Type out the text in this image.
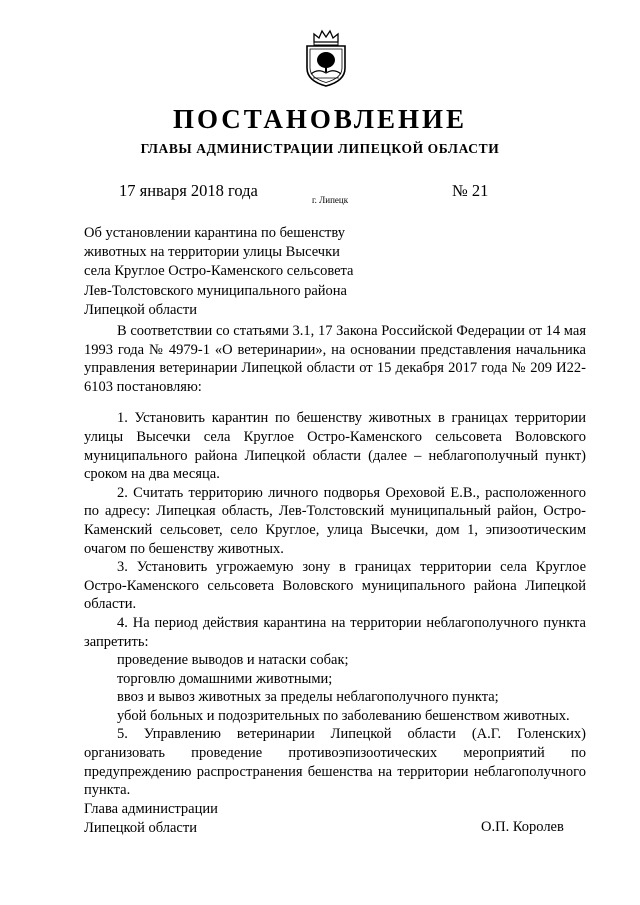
ПОСТАНОВЛЕНИЕ
ГЛАВЫ АДМИНИСТРАЦИИ ЛИПЕЦКОЙ ОБЛАСТИ
17 января 2018 года	г. Липецк	№ 21
Об установлении карантина по бешенству
животных на территории улицы Высечки
села Круглое Остро-Каменского сельсовета
Лев-Толстовского муниципального района
Липецкой области

В соответствии со статьями 3.1, 17 Закона Российской Федерации от 14 мая 1993 года № 4979-1 «О ветеринарии», на основании представления начальника управления ветеринарии Липецкой области от 15 декабря 2017 года № 209 И22-6103 постановляю:

1. Установить карантин по бешенству животных в границах территории улицы Высечки села Круглое Остро-Каменского сельсовета Воловского муниципального района Липецкой области (далее – неблагополучный пункт) сроком на два месяца.

2. Считать территорию личного подворья Ореховой Е.В., расположенного по адресу: Липецкая область, Лев-Толстовский муниципальный район, Остро-Каменский сельсовет, село Круглое, улица Высечки, дом 1, эпизоотическим очагом по бешенству животных.

3. Установить угрожаемую зону в границах территории села Круглое Остро-Каменского сельсовета Воловского муниципального района Липецкой области.

4. На период действия карантина на территории неблагополучного пункта запретить:

проведение выводов и натаски собак;

торговлю домашними животными;

ввоз и вывоз животных за пределы неблагополучного пункта;

убой больных и подозрительных по заболеванию бешенством животных.

5. Управлению ветеринарии Липецкой области (А.Г. Голенских) организовать проведение противоэпизоотических мероприятий по предупреждению распространения бешенства на территории неблагополучного пункта.

Глава администрации
Липецкой области	О.П. Королев
